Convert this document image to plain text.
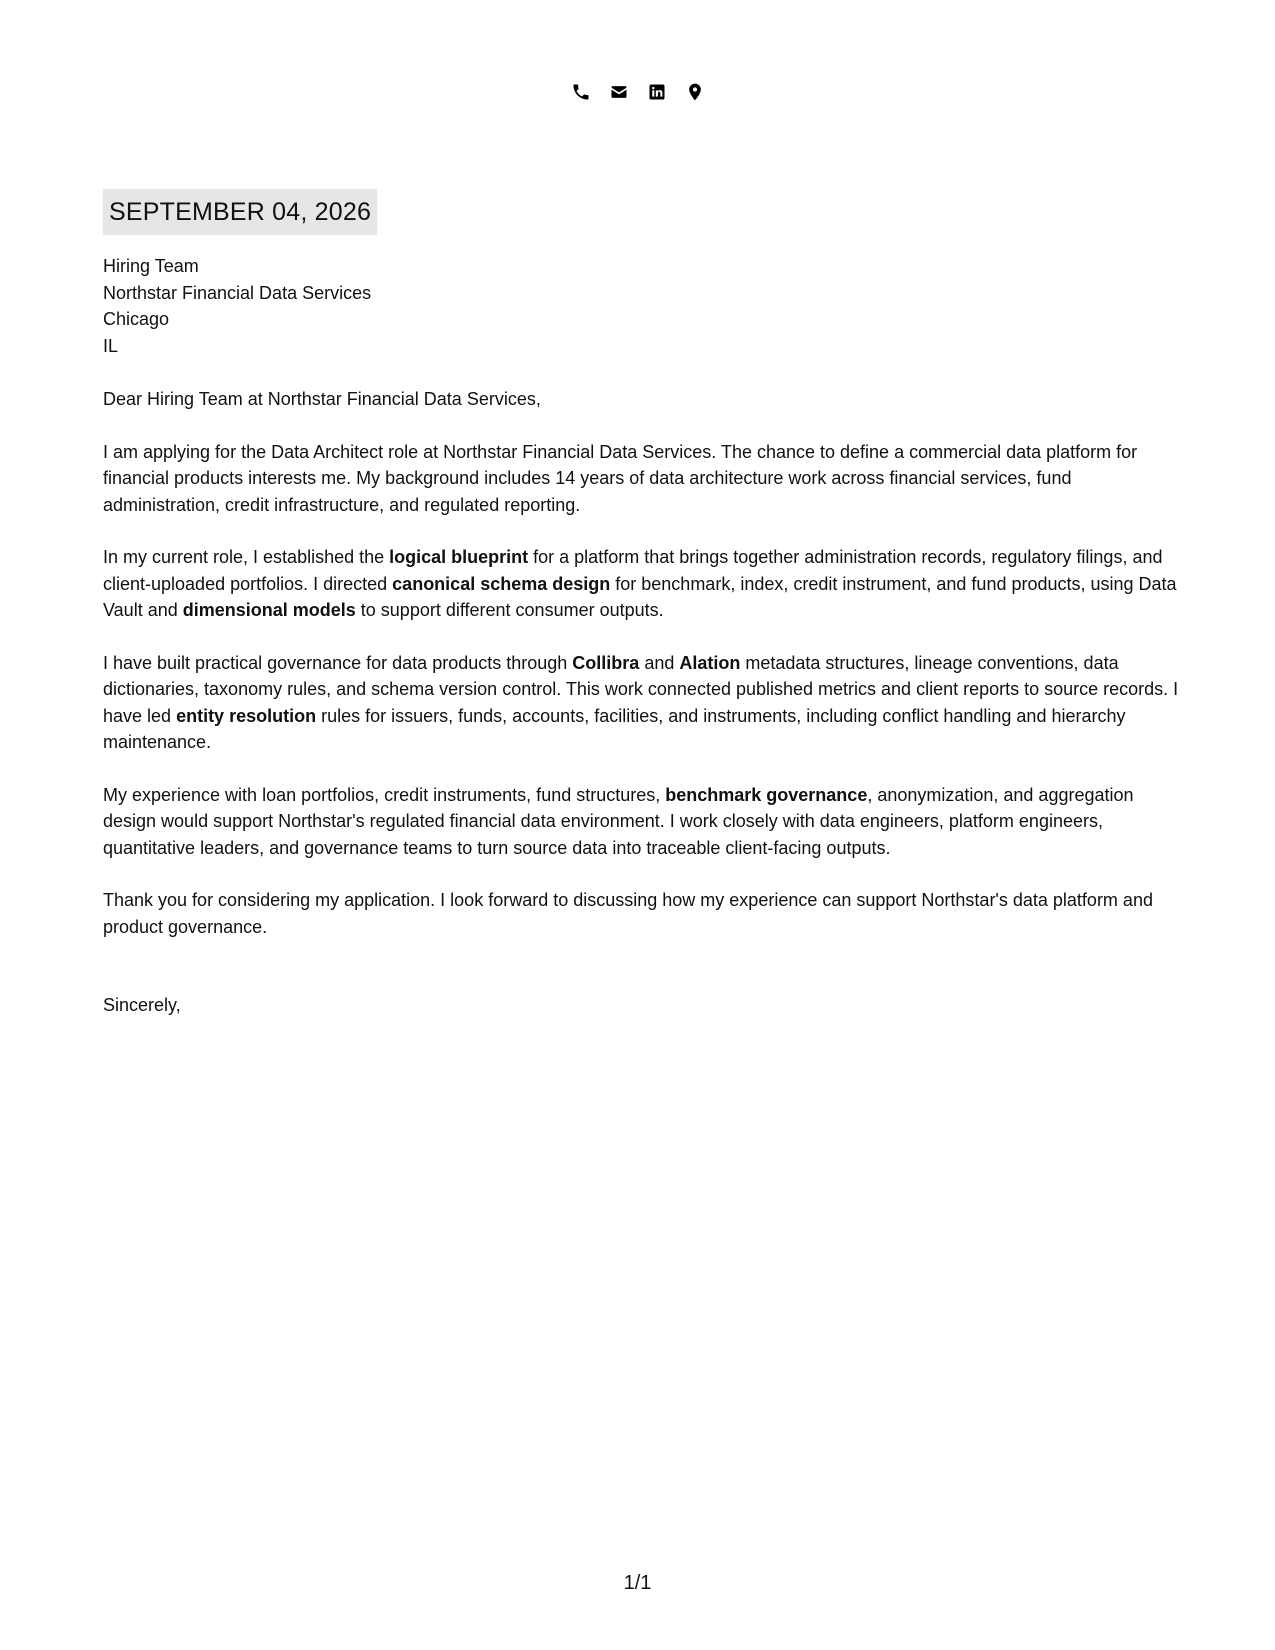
SEPTEMBER 04, 2026
Hiring Team
Northstar Financial Data Services
Chicago
IL
Dear Hiring Team at Northstar Financial Data Services,
I am applying for the Data Architect role at Northstar Financial Data Services. The chance to define a commercial data platform for financial products interests me. My background includes 14 years of data architecture work across financial services, fund administration, credit infrastructure, and regulated reporting.
In my current role, I established the logical blueprint for a platform that brings together administration records, regulatory filings, and client-uploaded portfolios. I directed canonical schema design for benchmark, index, credit instrument, and fund products, using Data Vault and dimensional models to support different consumer outputs.
I have built practical governance for data products through Collibra and Alation metadata structures, lineage conventions, data dictionaries, taxonomy rules, and schema version control. This work connected published metrics and client reports to source records. I have led entity resolution rules for issuers, funds, accounts, facilities, and instruments, including conflict handling and hierarchy maintenance.
My experience with loan portfolios, credit instruments, fund structures, benchmark governance, anonymization, and aggregation design would support Northstar's regulated financial data environment. I work closely with data engineers, platform engineers, quantitative leaders, and governance teams to turn source data into traceable client-facing outputs.
Thank you for considering my application. I look forward to discussing how my experience can support Northstar's data platform and product governance.
Sincerely,
1/1
